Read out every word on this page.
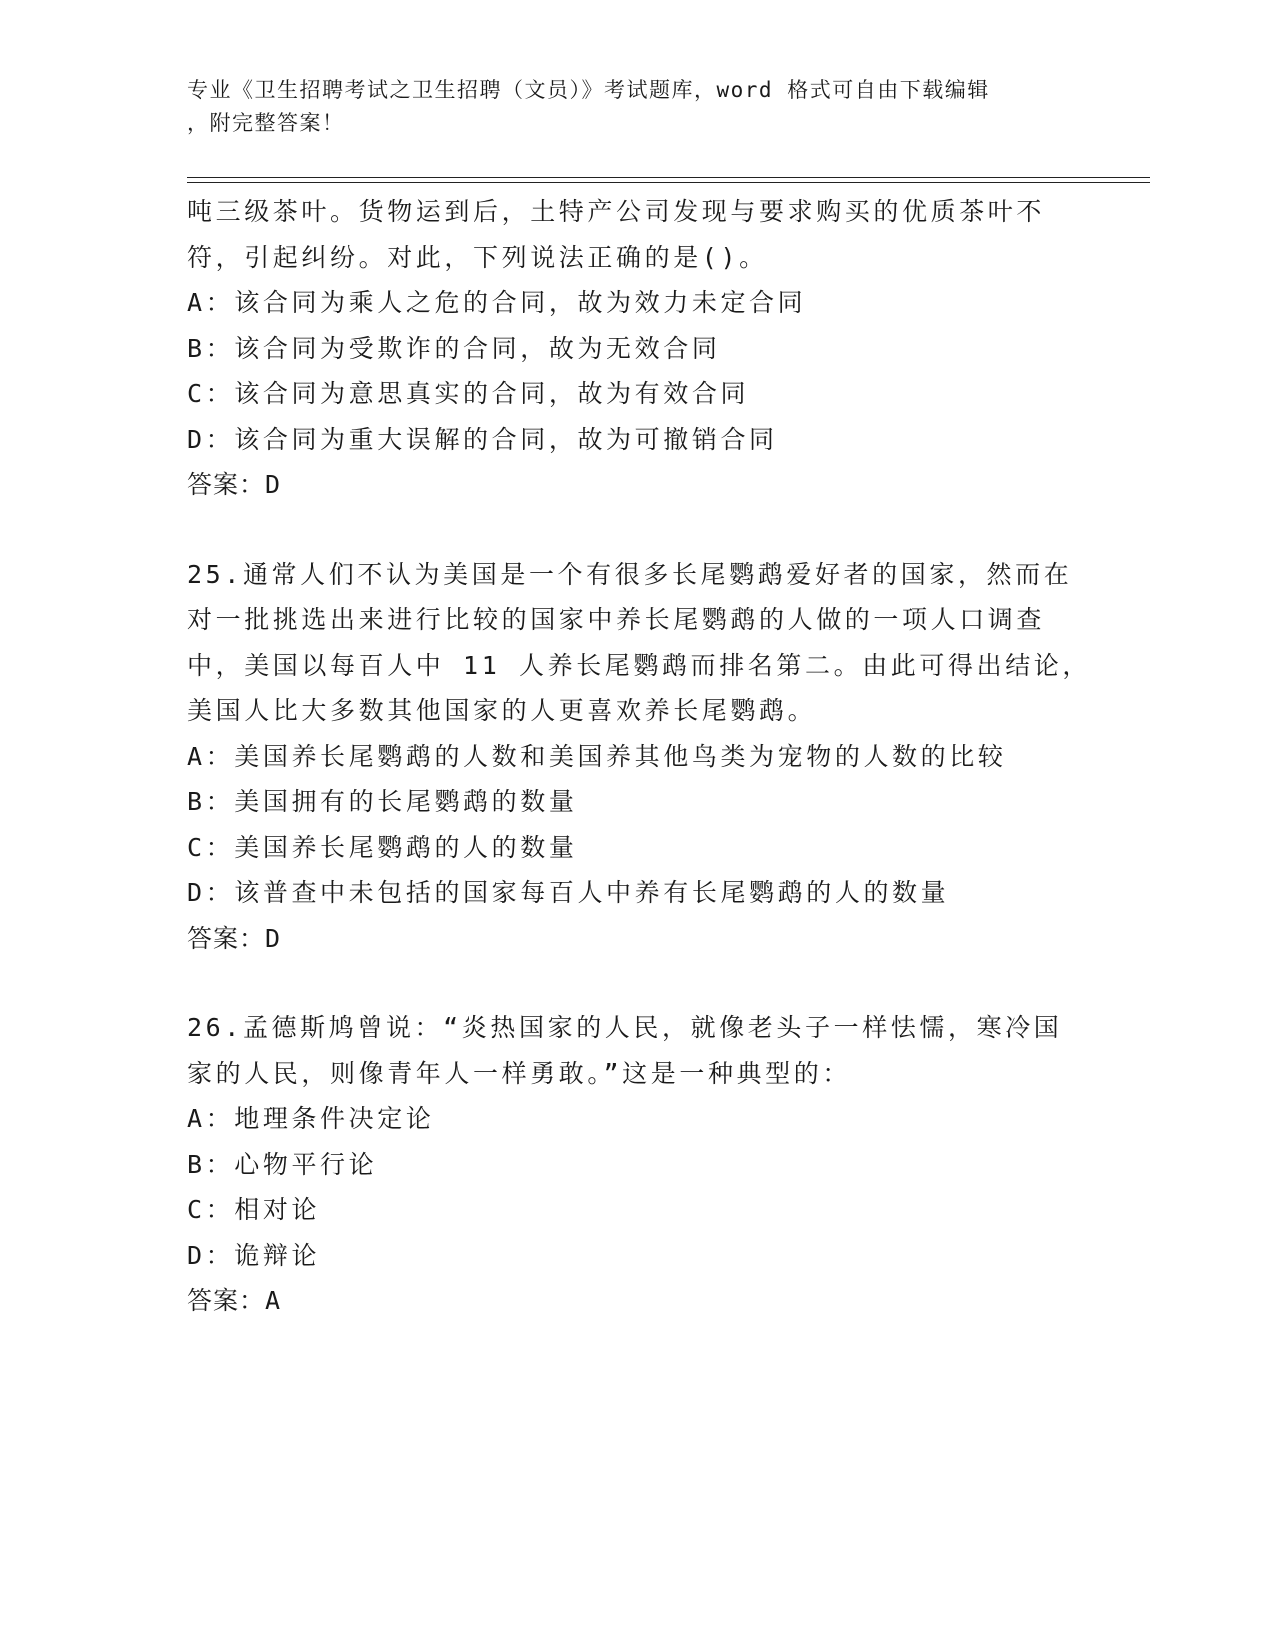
专业《卫生招聘考试之卫生招聘（文员）》考试题库，word 格式可自由下载编辑
，附完整答案！
吨三级茶叶。货物运到后，土特产公司发现与要求购买的优质茶叶不
符，引起纠纷。对此，下列说法正确的是()。
A：该合同为乘人之危的合同，故为效力未定合同
B：该合同为受欺诈的合同，故为无效合同
C：该合同为意思真实的合同，故为有效合同
D：该合同为重大误解的合同，故为可撤销合同
答案：D
25.通常人们不认为美国是一个有很多长尾鹦鹉爱好者的国家，然而在
对一批挑选出来进行比较的国家中养长尾鹦鹉的人做的一项人口调查
中，美国以每百人中 11 人养长尾鹦鹉而排名第二。由此可得出结论，
美国人比大多数其他国家的人更喜欢养长尾鹦鹉。
A：美国养长尾鹦鹉的人数和美国养其他鸟类为宠物的人数的比较
B：美国拥有的长尾鹦鹉的数量
C：美国养长尾鹦鹉的人的数量
D：该普查中未包括的国家每百人中养有长尾鹦鹉的人的数量
答案：D
26.孟德斯鸠曾说：“炎热国家的人民，就像老头子一样怯懦，寒冷国
家的人民，则像青年人一样勇敢。”这是一种典型的：
A：地理条件决定论
B：心物平行论
C：相对论
D：诡辩论
答案：A
